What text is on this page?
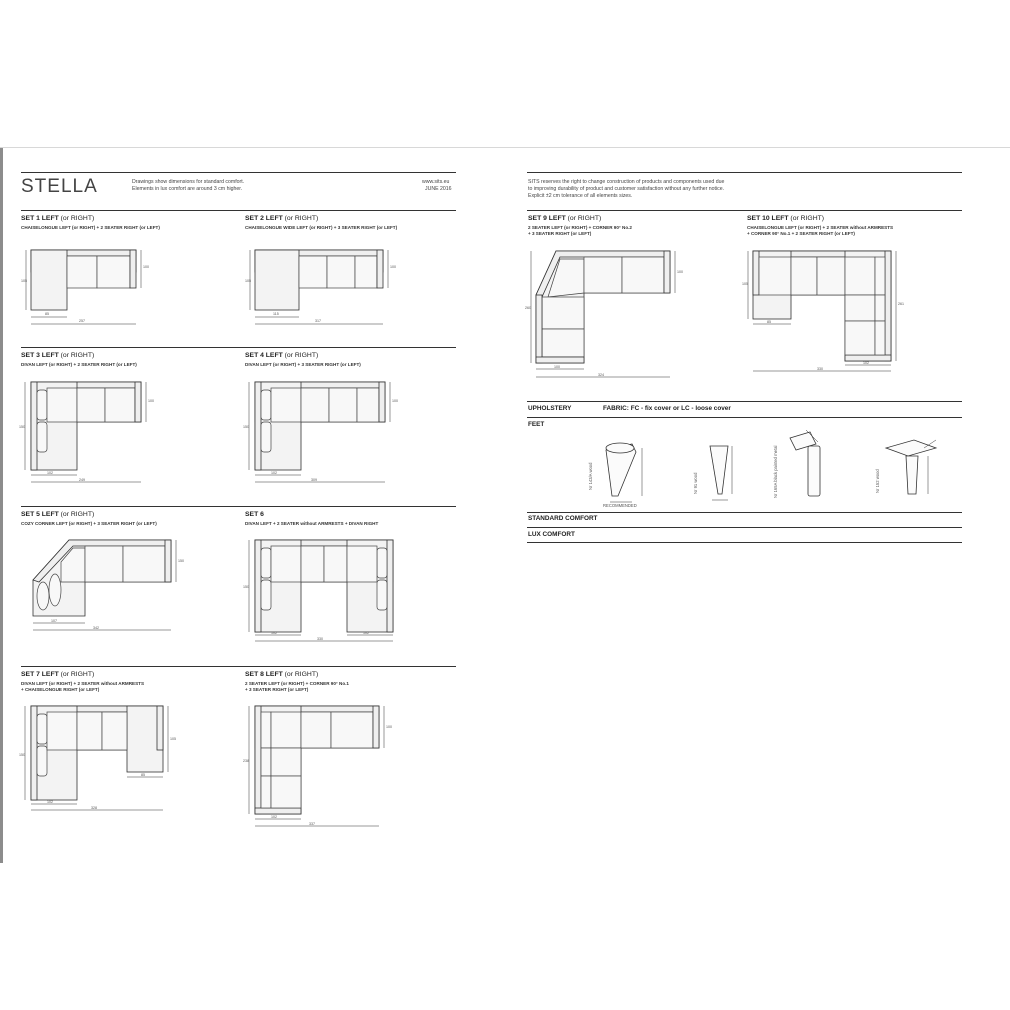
STELLA	Drawings show dimensions for standard comfort.
Elements in lux comfort are around 3 cm higher.
www.sits.eu
JUNE 2016
SITS reserves the right to change construction of products and components used due
to improving durability of product and customer satisfaction without any further notice.
Explicit ±2 cm tolerance of all elements sizes.
SET 1 LEFT (or RIGHT)
CHAISELONGUE LEFT (or RIGHT) + 2 SEATER RIGHT (or LEFT)
85
257
105
100
SET 2 LEFT (or RIGHT)
CHAISELONGUE WIDE LEFT (or RIGHT) + 3 SEATER RIGHT (or LEFT)
115
317
105
100
SET 3 LEFT (or RIGHT)
DIVAN LEFT (or RIGHT) + 2 SEATER RIGHT (or LEFT)
102
249
150
100
SET 4 LEFT (or RIGHT)
DIVAN LEFT (or RIGHT) + 3 SEATER RIGHT (or LEFT)
102
309
150
100
SET 5 LEFT (or RIGHT)
COZY CORNER LEFT (or RIGHT) + 3 SEATER RIGHT (or LEFT)
107
342
150
SET 6
DIVAN LEFT + 2 SEATER without ARMRESTS + DIVAN RIGHT
102
330
102
150
SET 7 LEFT (or RIGHT)
DIVAN LEFT (or RIGHT) + 2 SEATER without ARMRESTS
+ CHAISELONGUE RIGHT (or LEFT)
85
102
328
150
105
SET 8 LEFT (or RIGHT)
2 SEATER LEFT (or RIGHT) + CORNER 90° No.1
+ 3 SEATER RIGHT (or LEFT)
102
337
238
100
SET 9 LEFT (or RIGHT)
2 SEATER LEFT (or RIGHT) + CORNER 90° No.2
+ 3 SEATER RIGHT (or LEFT)
100
324
260
100
SET 10 LEFT (or RIGHT)
CHAISELONGUE LEFT (or RIGHT) + 2 SEATER without ARMRESTS
+ CORNER 90° No.1 + 2 SEATER RIGHT (or LEFT)
85
330
102
105
261
UPHOLSTERY	FABRIC: FC - fix cover or LC - loose cover
FEET
Nr 143/A wood
RECOMMENDED
Nr 91 wood	Nr 165A black painted metal	Nr 152 wood
STANDARD COMFORT
LUX COMFORT
